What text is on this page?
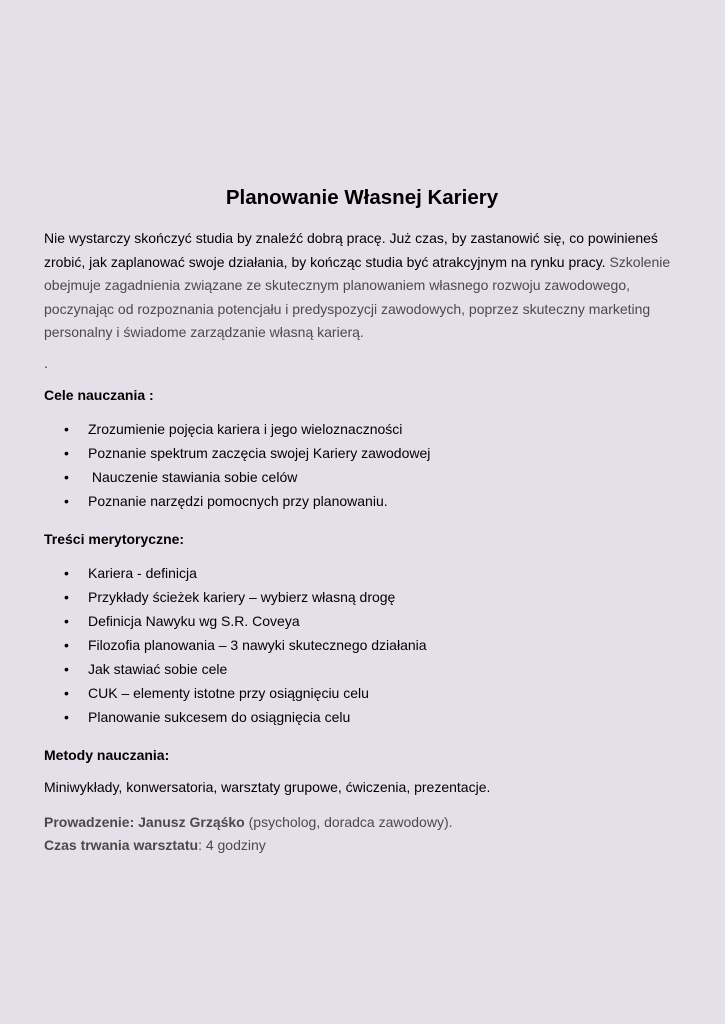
Planowanie Własnej Kariery

Nie wystarczy skończyć studia by znaleźć dobrą pracę. Już czas, by zastanowić się, co powinieneś zrobić, jak zaplanować swoje działania, by kończąc studia być atrakcyjnym na rynku pracy. Szkolenie obejmuje zagadnienia związane ze skutecznym planowaniem własnego rozwoju zawodowego, poczynając od rozpoznania potencjału i predyspozycji zawodowych, poprzez skuteczny marketing personalny i świadome zarządzanie własną karierą.

.

Cele nauczania :

• Zrozumienie pojęcia kariera i jego wieloznaczności
• Poznanie spektrum zaczęcia swojej Kariery zawodowej
•  Nauczenie stawiania sobie celów
• Poznanie narzędzi pomocnych przy planowaniu.

Treści merytoryczne:

• Kariera - definicja
• Przykłady ścieżek kariery – wybierz własną drogę
• Definicja Nawyku wg S.R. Coveya
• Filozofia planowania – 3 nawyki skutecznego działania
• Jak stawiać sobie cele
• CUK – elementy istotne przy osiągnięciu celu
• Planowanie sukcesem do osiągnięcia celu

Metody nauczania:

Miniwykłady, konwersatoria, warsztaty grupowe, ćwiczenia, prezentacje.

Prowadzenie: Janusz Grząśko (psycholog, doradca zawodowy).
Czas trwania warsztatu: 4 godziny
